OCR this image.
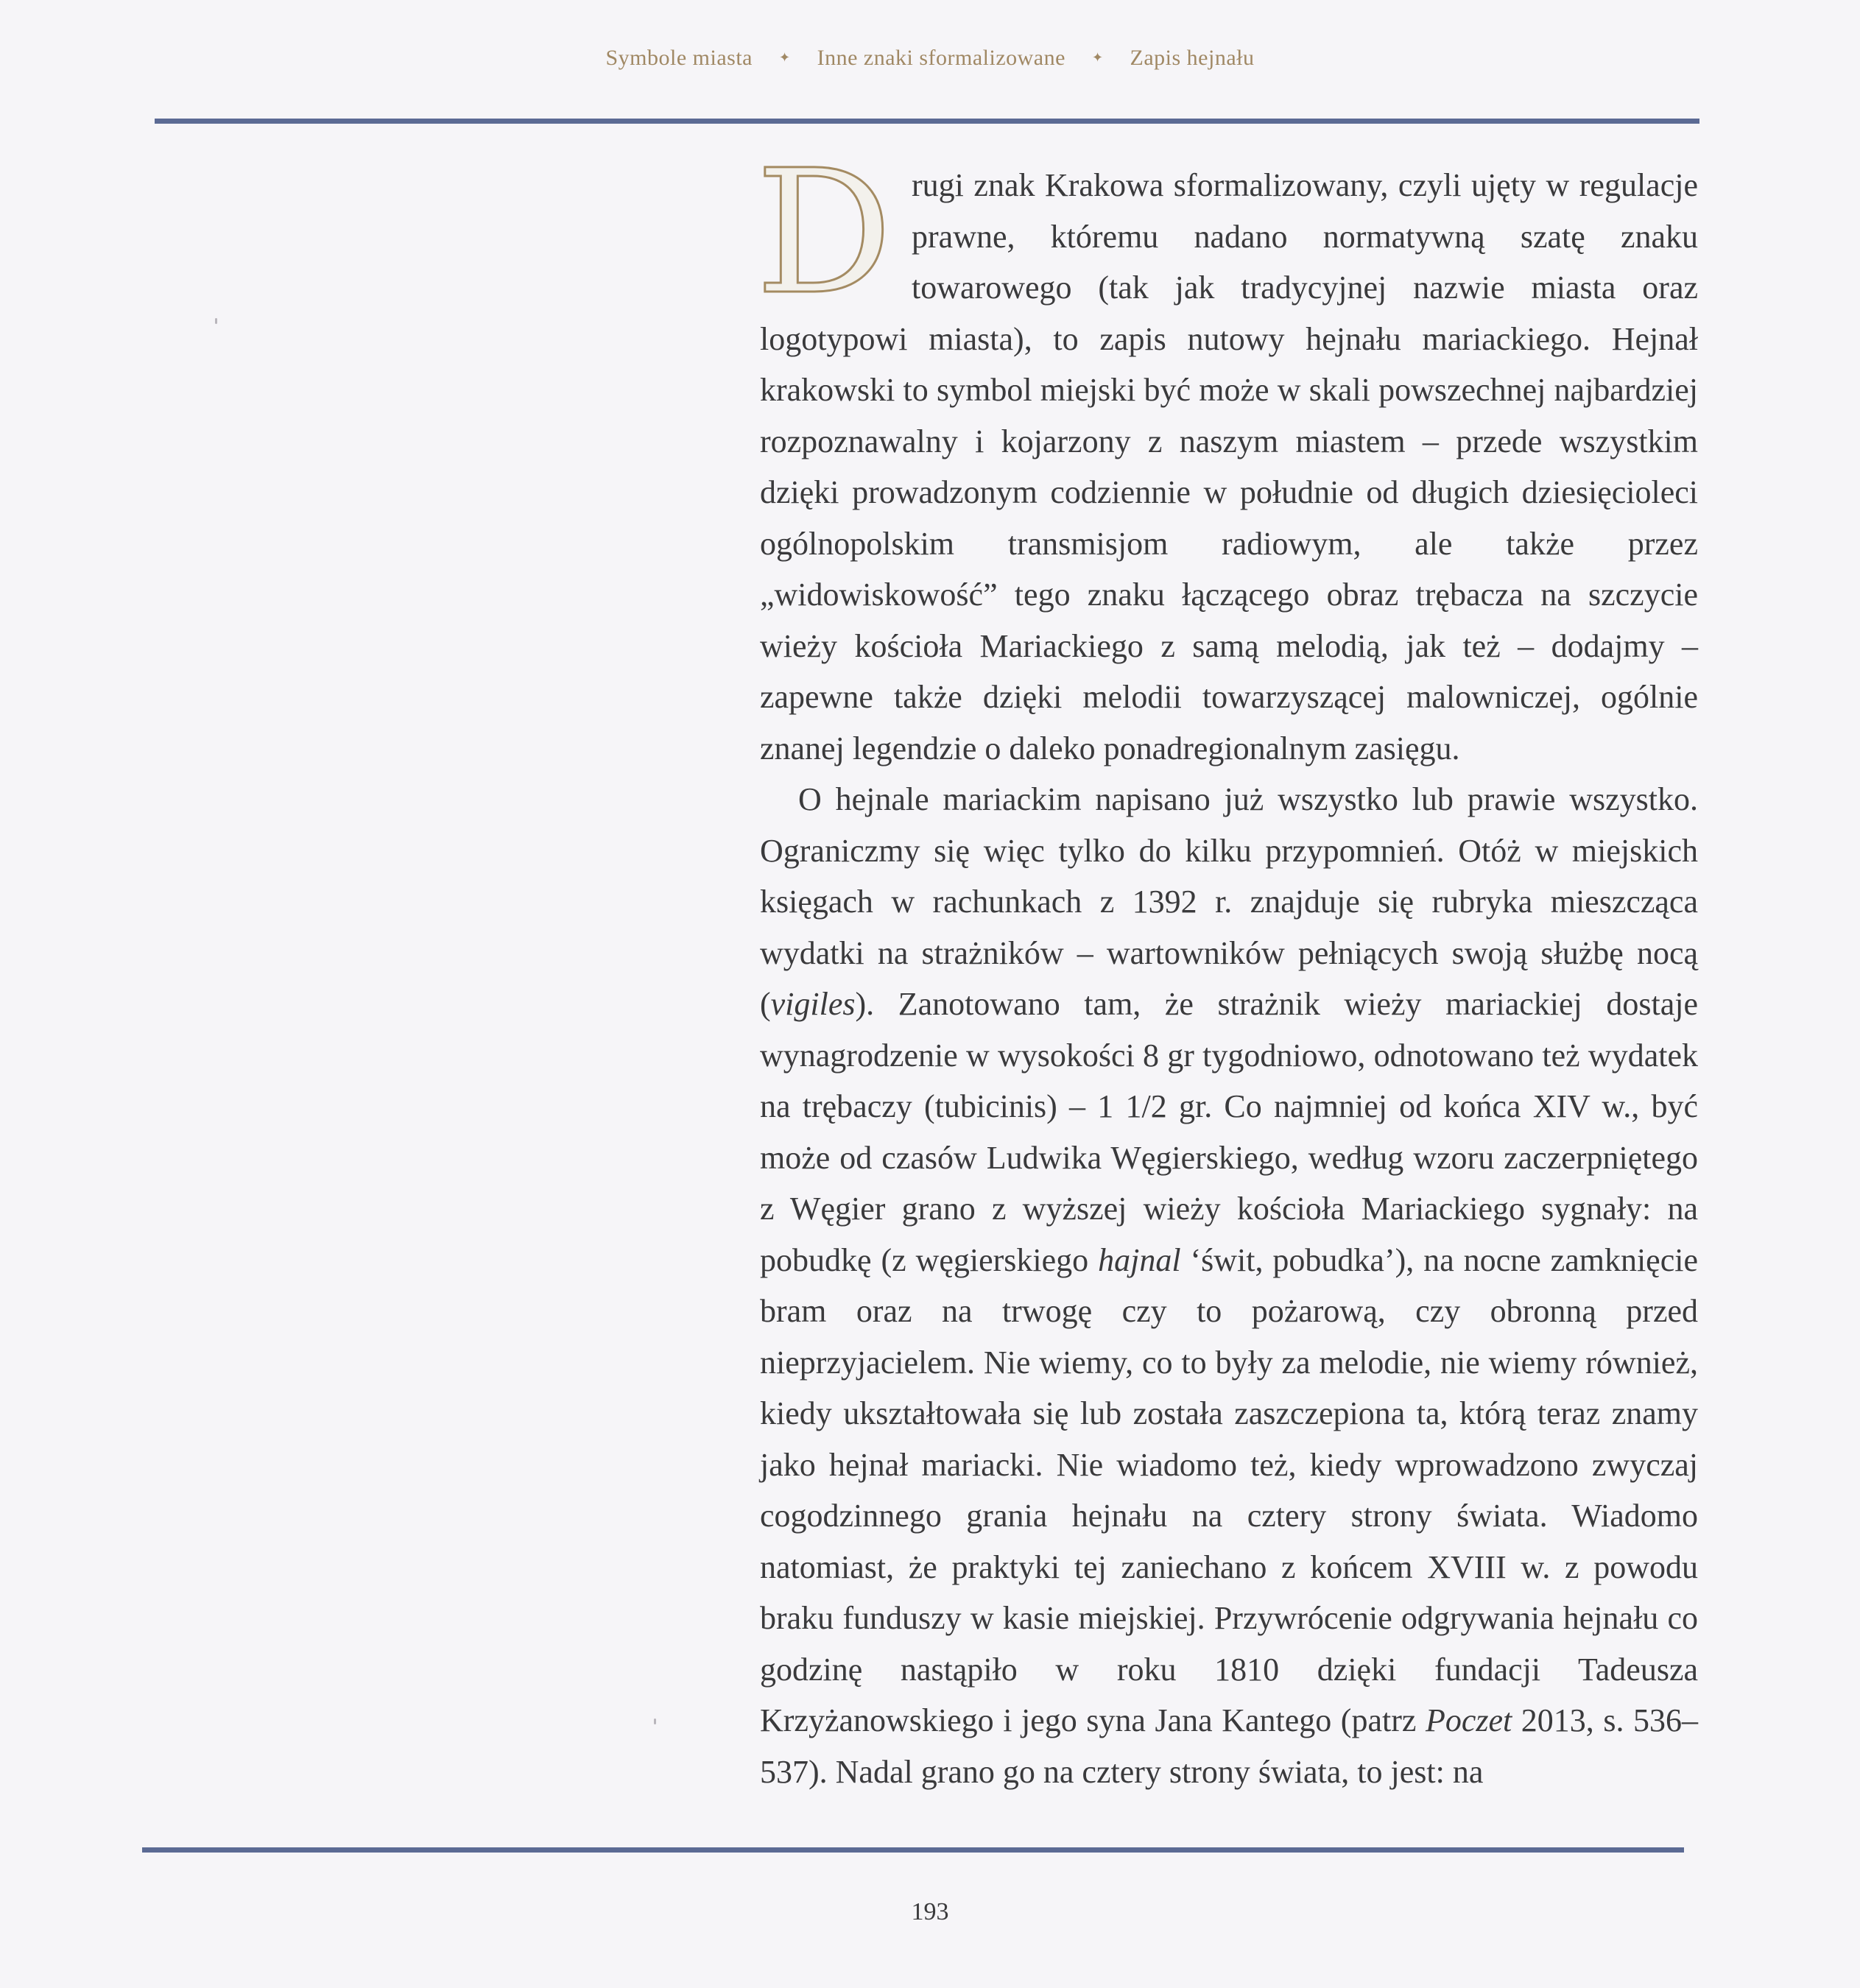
Symbole miasta ✦ Inne znaki sformalizowane ✦ Zapis hejnału

Drugi znak Krakowa sformalizowany, czyli ujęty w regulacje prawne, któremu nadano normatywną szatę znaku towarowego (tak jak tradycyjnej nazwie miasta oraz logotypowi miasta), to zapis nutowy hejnału mariackiego. Hejnał krakowski to symbol miejski być może w skali powszechnej najbardziej rozpoznawalny i kojarzony z naszym miastem – przede wszystkim dzięki prowadzonym codziennie w południe od długich dziesięcioleci ogólnopolskim transmisjom radiowym, ale także przez „widowiskowość” tego znaku łączącego obraz trębacza na szczycie wieży kościoła Mariackiego z samą melodią, jak też – dodajmy – zapewne także dzięki melodii towarzyszącej malowniczej, ogólnie znanej legendzie o daleko ponadregionalnym zasięgu.

O hejnale mariackim napisano już wszystko lub prawie wszystko. Ograniczmy się więc tylko do kilku przypomnień. Otóż w miejskich księgach w rachunkach z 1392 r. znajduje się rubryka mieszcząca wydatki na strażników – wartowników pełniących swoją służbę nocą (vigiles). Zanotowano tam, że strażnik wieży mariackiej dostaje wynagrodzenie w wysokości 8 gr tygodniowo, odnotowano też wydatek na trębaczy (tubicinis) – 1 1/2 gr. Co najmniej od końca XIV w., być może od czasów Ludwika Węgierskiego, według wzoru zaczerpniętego z Węgier grano z wyższej wieży kościoła Mariackiego sygnały: na pobudkę (z węgierskiego hajnal ‘świt, pobudka’), na nocne zamknięcie bram oraz na trwogę czy to pożarową, czy obronną przed nieprzyjacielem. Nie wiemy, co to były za melodie, nie wiemy również, kiedy ukształtowała się lub została zaszczepiona ta, którą teraz znamy jako hejnał mariacki. Nie wiadomo też, kiedy wprowadzono zwyczaj cogodzinnego grania hejnału na cztery strony świata. Wiadomo natomiast, że praktyki tej zaniechano z końcem XVIII w. z powodu braku funduszy w kasie miejskiej. Przywrócenie odgrywania hejnału co godzinę nastąpiło w roku 1810 dzięki fundacji Tadeusza Krzyżanowskiego i jego syna Jana Kantego (patrz Poczet 2013, s. 536–537). Nadal grano go na cztery strony świata, to jest: na

193
